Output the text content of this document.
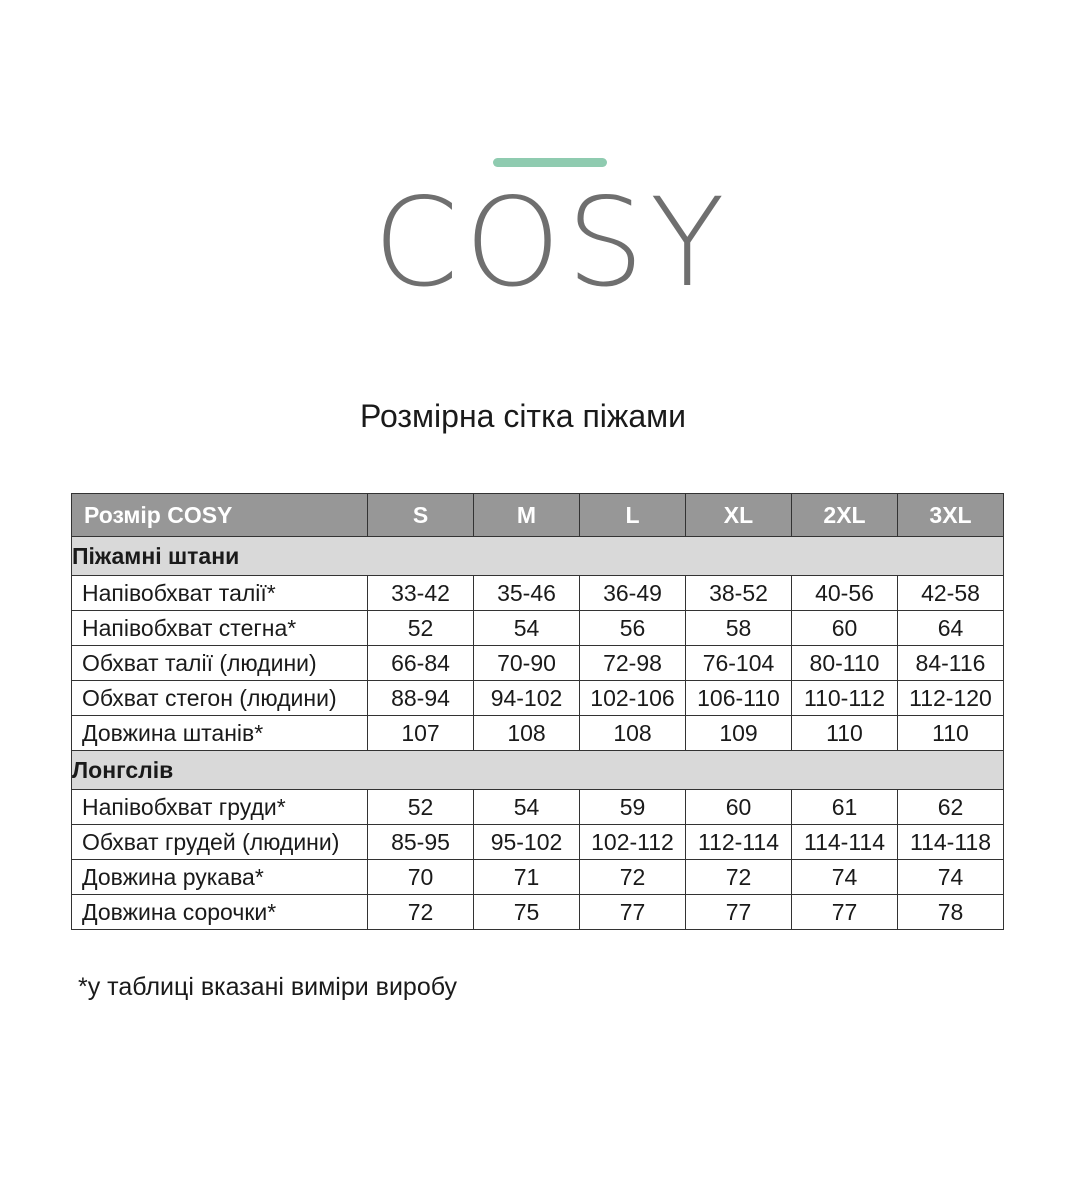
COSY
Розмірна сітка піжами
Розмір COSY	S	M	L	XL	2XL	3XL
Піжамні штани						
Напівобхват талії*	33-42	35-46	36-49	38-52	40-56	42-58
Напівобхват стегна*	52	54	56	58	60	64
Обхват талії (людини)	66-84	70-90	72-98	76-104	80-110	84-116
Обхват стегон (людини)	88-94	94-102	102-106	106-110	110-112	112-120
Довжина штанів*	107	108	108	109	110	110
Лонгслів						
Напівобхват груди*	52	54	59	60	61	62
Обхват грудей (людини)	85-95	95-102	102-112	112-114	114-114	114-118
Довжина рукава*	70	71	72	72	74	74
Довжина сорочки*	72	75	77	77	77	78
*у таблиці вказані виміри виробу
